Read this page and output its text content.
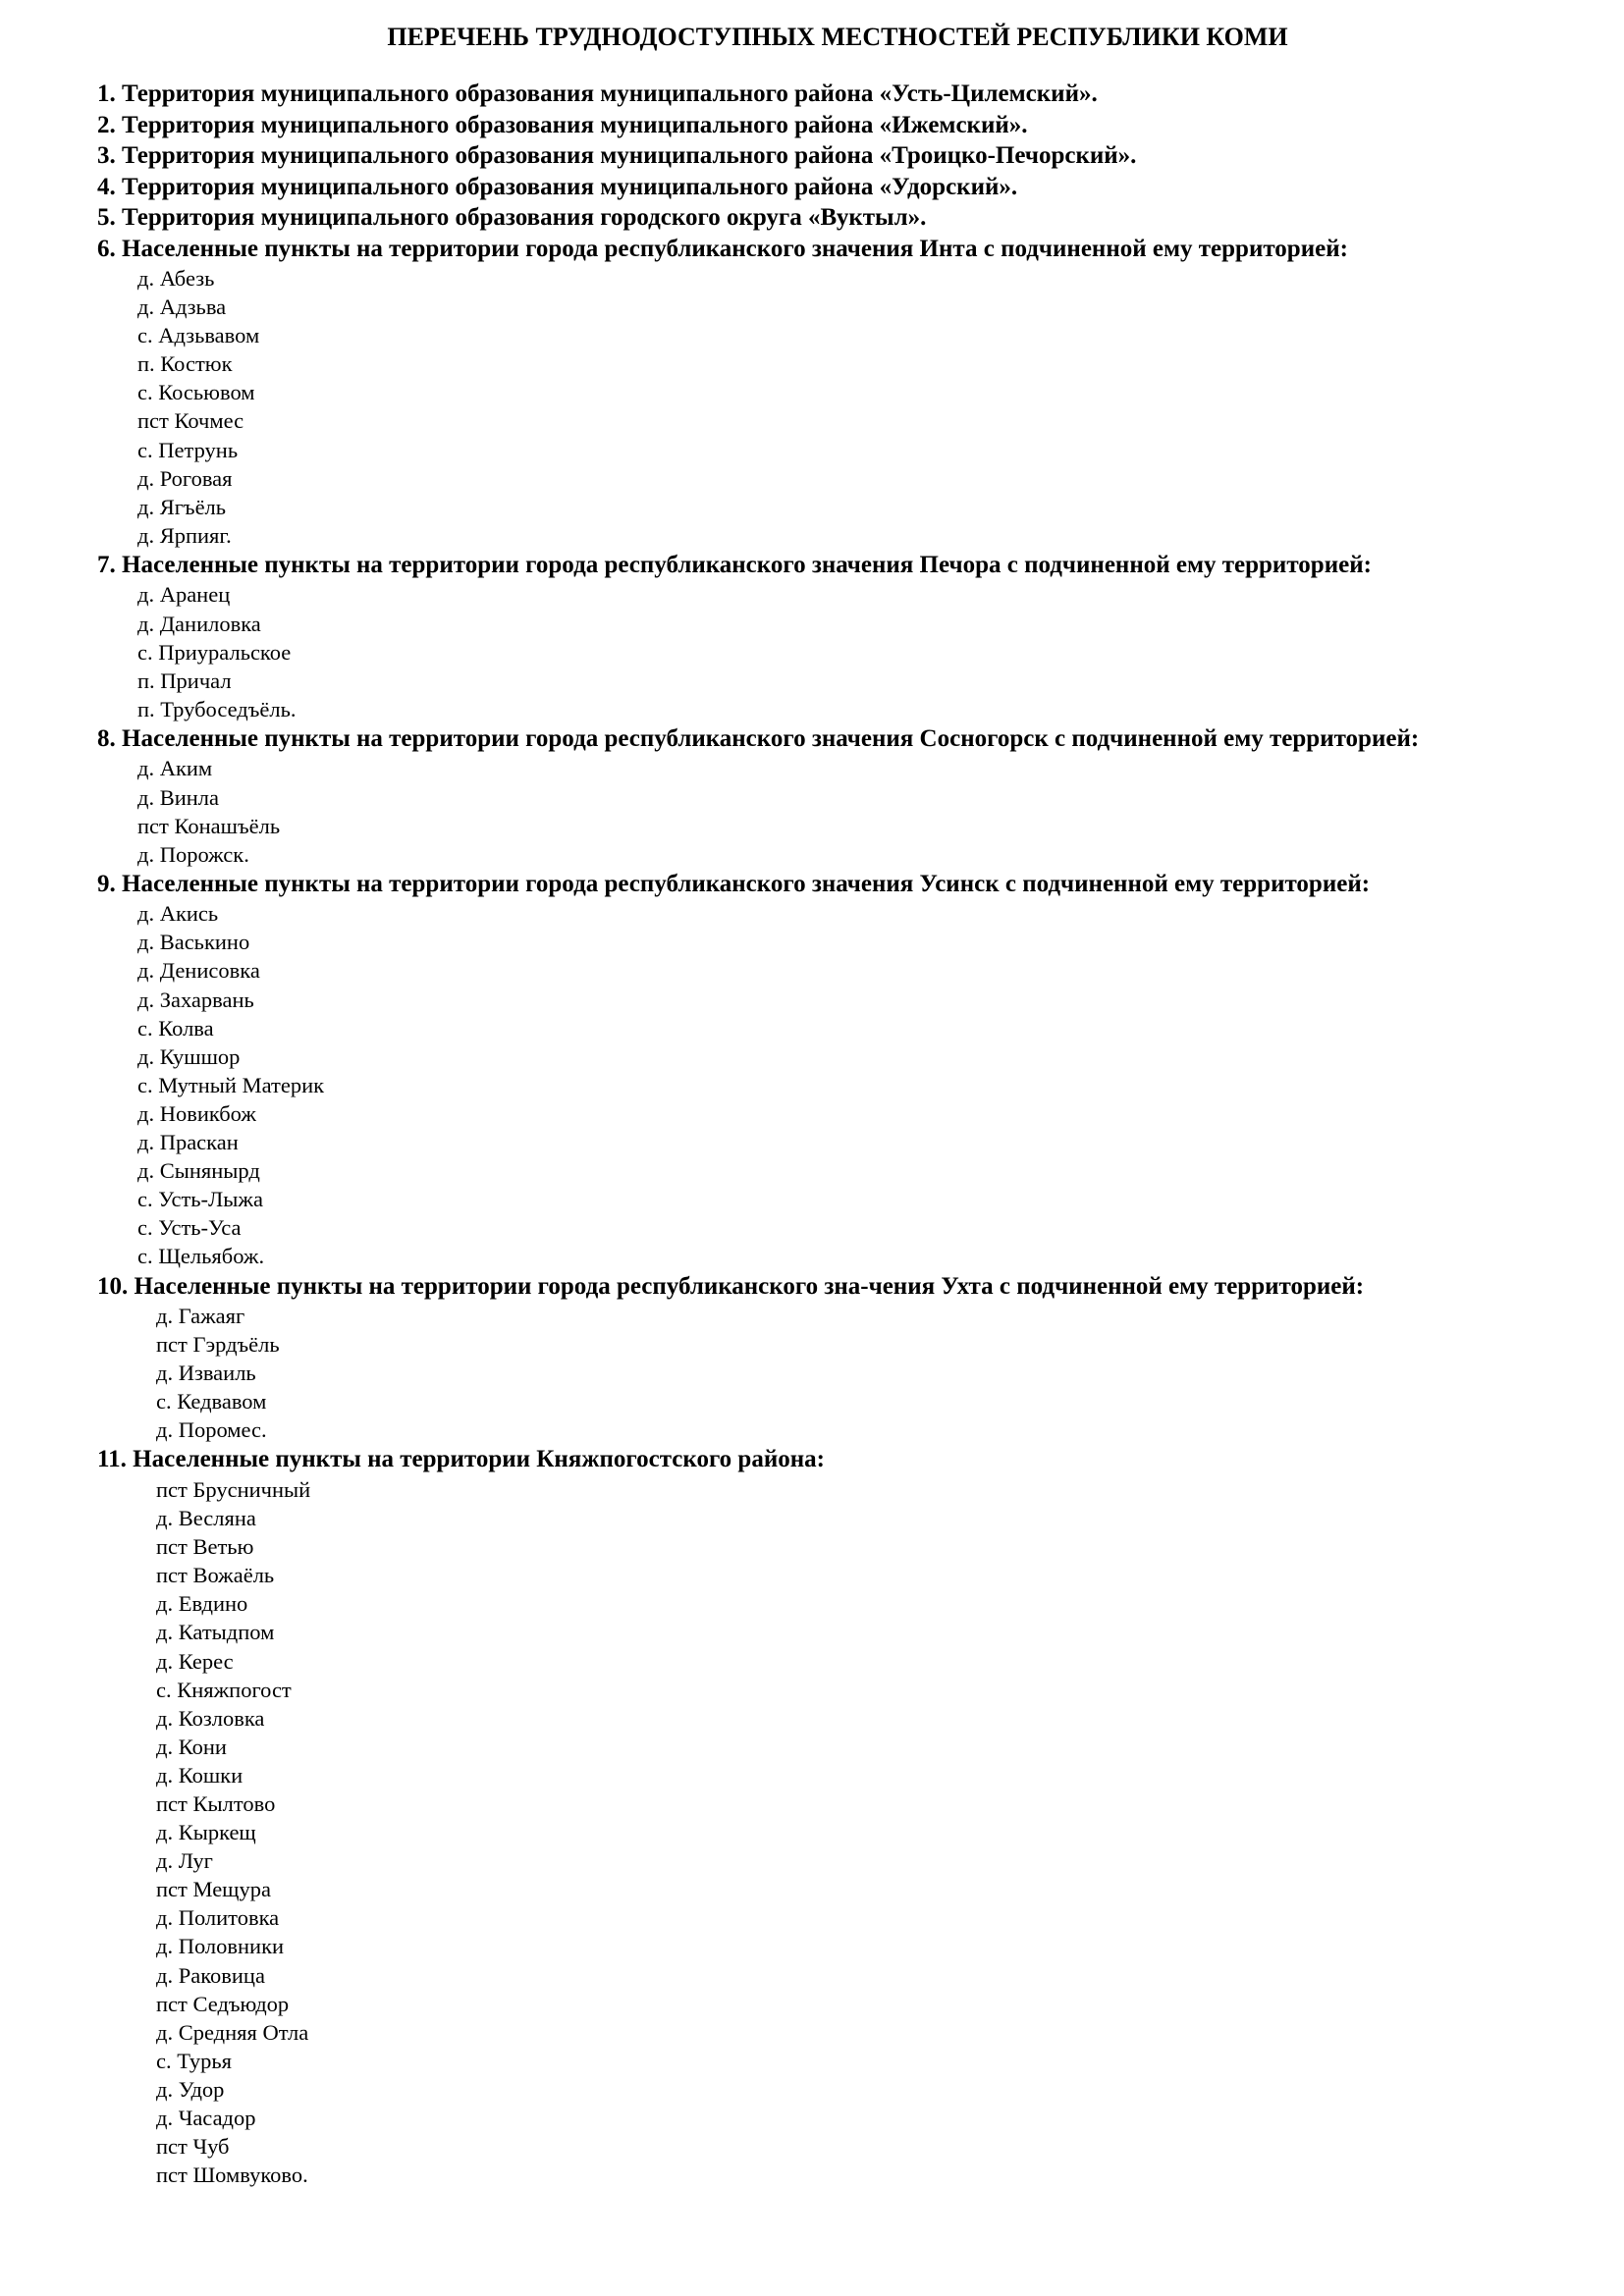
ПЕРЕЧЕНЬ ТРУДНОДОСТУПНЫХ МЕСТНОСТЕЙ РЕСПУБЛИКИ КОМИ
1. Территория муниципального образования муниципального района «Усть-Цилемский».
2. Территория муниципального образования муниципального района «Ижемский».
3. Территория муниципального образования муниципального района «Троицко-Печорский».
4. Территория муниципального образования муниципального района «Удорский».
5. Территория муниципального образования городского округа «Вуктыл».
6. Населенные пункты на территории города республиканского значения Инта с подчиненной ему территорией:
д. Абезь
д. Адзьва
с. Адзьвавом
п. Костюк
с. Косьювом
пст Кочмес
с. Петрунь
д. Роговая
д. Ягъёль
д. Ярпияг.
7. Населенные пункты на территории города республиканского значения Печора с подчиненной ему территорией:
д. Аранец
д. Даниловка
с. Приуральское
п. Причал
п. Трубоседъёль.
8. Населенные пункты на территории города республиканского значения Сосногорск с подчиненной ему территорией:
д. Аким
д. Винла
пст Конашъёль
д. Порожск.
9. Населенные пункты на территории города республиканского значения Усинск с подчиненной ему территорией:
д. Акись
д. Васькино
д. Денисовка
д. Захарвань
с. Колва
д. Кушшор
с. Мутный Материк
д. Новикбож
д. Праскан
д. Сынянырд
с. Усть-Лыжа
с. Усть-Уса
с. Щельябож.
10. Населенные пункты на территории города республиканского зна-чения Ухта с подчиненной ему территорией:
д. Гажаяг
пст Гэрдъёль
д. Изваиль
с. Кедвавом
д. Поромес.
11. Населенные пункты на территории Княжпогостского района:
пст Брусничный
д. Весляна
пст Ветью
пст Вожаёль
д. Евдино
д. Катыдпом
д. Керес
с. Княжпогост
д. Козловка
д. Кони
д. Кошки
пст Кылтово
д. Кыркещ
д. Луг
пст Мещура
д. Политовка
д. Половники
д. Раковица
пст Седъюдор
д. Средняя Отла
с. Турья
д. Удор
д. Часадор
пст Чуб
пст Шомвуково.
